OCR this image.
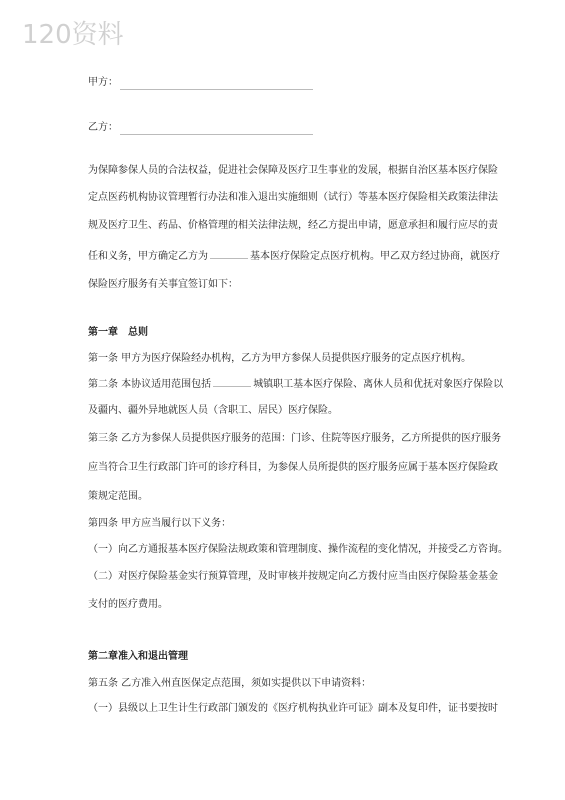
120资料
甲方：
乙方：
为保障参保人员的合法权益，促进社会保障及医疗卫生事业的发展，根据自治区基本医疗保险
定点医药机构协议管理暂行办法和准入退出实施细则（试行）等基本医疗保险相关政策法律法
规及医疗卫生、药品、价格管理的相关法律法规，经乙方提出申请，愿意承担和履行应尽的责
任和义务，甲方确定乙方为	基本医疗保险定点医疗机构。甲乙双方经过协商，就医疗
保险医疗服务有关事宜签订如下：
第一章　总则
第一条 甲方为医疗保险经办机构，乙方为甲方参保人员提供医疗服务的定点医疗机构。
第二条 本协议适用范围包括	城镇职工基本医疗保险、离休人员和优抚对象医疗保险以
及疆内、疆外异地就医人员（含职工、居民）医疗保险。
第三条 乙方为参保人员提供医疗服务的范围：门诊、住院等医疗服务，乙方所提供的医疗服务
应当符合卫生行政部门许可的诊疗科目，为参保人员所提供的医疗服务应属于基本医疗保险政
策规定范围。
第四条 甲方应当履行以下义务：
（一）向乙方通报基本医疗保险法规政策和管理制度、操作流程的变化情况，并接受乙方咨询。
（二）对医疗保险基金实行预算管理，及时审核并按规定向乙方拨付应当由医疗保险基金基金
支付的医疗费用。
第二章准入和退出管理
第五条 乙方准入州直医保定点范围，须如实提供以下申请资料：
（一）县级以上卫生计生行政部门颁发的《医疗机构执业许可证》副本及复印件，证书要按时
